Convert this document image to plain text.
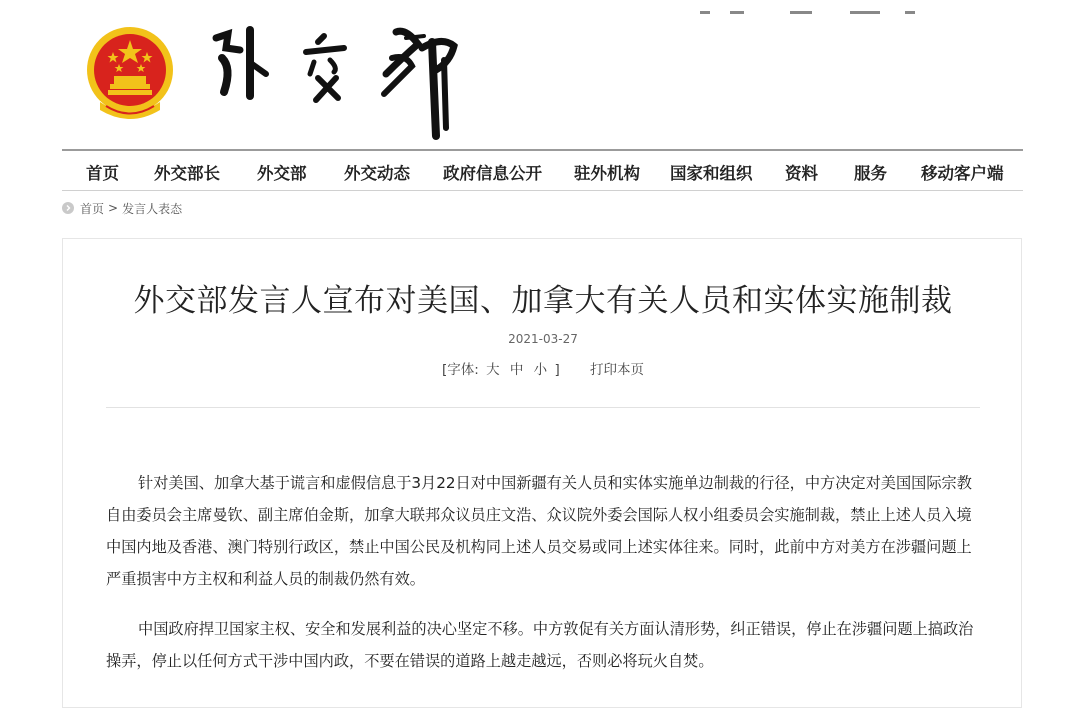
首页 外交部长 外交部 外交动态 政府信息公开 驻外机构 国家和组织 资料 服务 移动客户端
首页 > 发言人表态
外交部发言人宣布对美国、加拿大有关人员和实体实施制裁
2021-03-27
[字体: 大 中 小 ] 打印本页

针对美国、加拿大基于谎言和虚假信息于3月22日对中国新疆有关人员和实体实施单边制裁的行径，中方决定对美国国际宗教自由委员会主席曼钦、副主席伯金斯，加拿大联邦众议员庄文浩、众议院外委会国际人权小组委员会实施制裁，禁止上述人员入境中国内地及香港、澳门特别行政区，禁止中国公民及机构同上述人员交易或同上述实体往来。同时，此前中方对美方在涉疆问题上严重损害中方主权和利益人员的制裁仍然有效。

中国政府捍卫国家主权、安全和发展利益的决心坚定不移。中方敦促有关方面认清形势，纠正错误，停止在涉疆问题上搞政治操弄，停止以任何方式干涉中国内政，不要在错误的道路上越走越远，否则必将玩火自焚。
